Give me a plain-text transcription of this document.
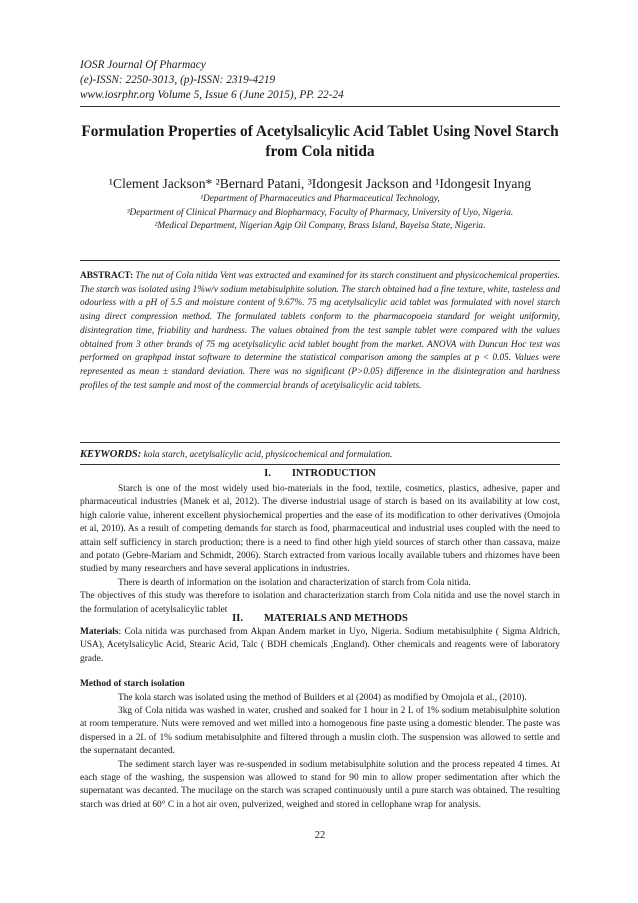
IOSR Journal Of Pharmacy
(e)-ISSN: 2250-3013, (p)-ISSN: 2319-4219
www.iosrphr.org Volume 5, Issue 6 (June 2015), PP. 22-24
Formulation Properties of Acetylsalicylic Acid Tablet Using Novel Starch from Cola nitida
¹Clement Jackson* ²Bernard Patani, ³Idongesit Jackson and ¹Idongesit Inyang
¹Department of Pharmaceutics and Pharmaceutical Technology,
³Department of Clinical Pharmacy and Biopharmacy, Faculty of Pharmacy, University of Uyo, Nigeria.
²Medical Department, Nigerian Agip Oil Company, Brass Island, Bayelsa State, Nigeria.
ABSTRACT: The nut of Cola nitida Vent was extracted and examined for its starch constituent and physicochemical properties. The starch was isolated using 1%w/v sodium metabisulphite solution. The starch obtained had a fine texture, white, tasteless and odourless with a pH of 5.5 and moisture content of 9.67%. 75 mg acetylsalicylic acid tablet was formulated with novel starch using direct compression method. The formulated tablets conform to the pharmacopoeia standard for weight uniformity, disintegration time, friability and hardness. The values obtained from the test sample tablet were compared with the values obtained from 3 other brands of 75 mg acetylsalicylic acid tablet bought from the market. ANOVA with Duncan Hoc test was performed on graphpad instat software to determine the statistical comparison among the samples at p < 0.05. Values were represented as mean ± standard deviation. There was no significant (P>0.05) difference in the disintegration and hardness profiles of the test sample and most of the commercial brands of acetylsalicylic acid tablets.
KEYWORDS: kola starch, acetylsalicylic acid, physicochemical and formulation.
I.        INTRODUCTION

Starch is one of the most widely used bio-materials in the food, textile, cosmetics, plastics, adhesive, paper and pharmaceutical industries (Manek et al, 2012). The diverse industrial usage of starch is based on its availability at low cost, high calorie value, inherent excellent physiochemical properties and the ease of its modification to other derivatives (Omojola et al, 2010). As a result of competing demands for starch as food, pharmaceutical and industrial uses coupled with the need to attain self sufficiency in starch production; there is a need to find other high yield sources of starch other than cassava, maize and potato (Gebre-Mariam and Schmidt, 2006). Starch extracted from various locally available tubers and rhizomes have been studied by many researchers and have several applications in industries.

There is dearth of information on the isolation and characterization of starch from Cola nitida.

The objectives of this study was therefore to isolation and characterization starch from Cola nitida and use the novel starch in the formulation of acetylsalicylic tablet

II.        MATERIALS AND METHODS

Materials: Cola nitida was purchased from Akpan Andem market in Uyo, Nigeria. Sodium metabisulphite ( Sigma Aldrich, USA), Acetylsalicylic Acid, Stearic Acid, Talc ( BDH chemicals ,England). Other chemicals and reagents were of laboratory grade.

Method of starch isolation

The kola starch was isolated using the method of Builders et al (2004) as modified by Omojola et al., (2010).

3kg of Cola nitida was washed in water, crushed and soaked for 1 hour in 2 L of 1% sodium metabisulphite solution at room temperature. Nuts were removed and wet milled into a homogenous fine paste using a domestic blender. The paste was dispersed in a 2L of 1% sodium metabisulphite and filtered through a muslin cloth. The suspension was allowed to settle and the supernatant decanted.

The sediment starch layer was re-suspended in sodium metabisulphite solution and the process repeated 4 times. At each stage of the washing, the suspension was allowed to stand for 90 min to allow proper sedimentation after which the supernatant was decanted. The mucilage on the starch was scraped continuously until a pure starch was obtained. The resulting starch was dried at 60° C in a hot air oven, pulverized, weighed and stored in cellophane wrap for analysis.

22
